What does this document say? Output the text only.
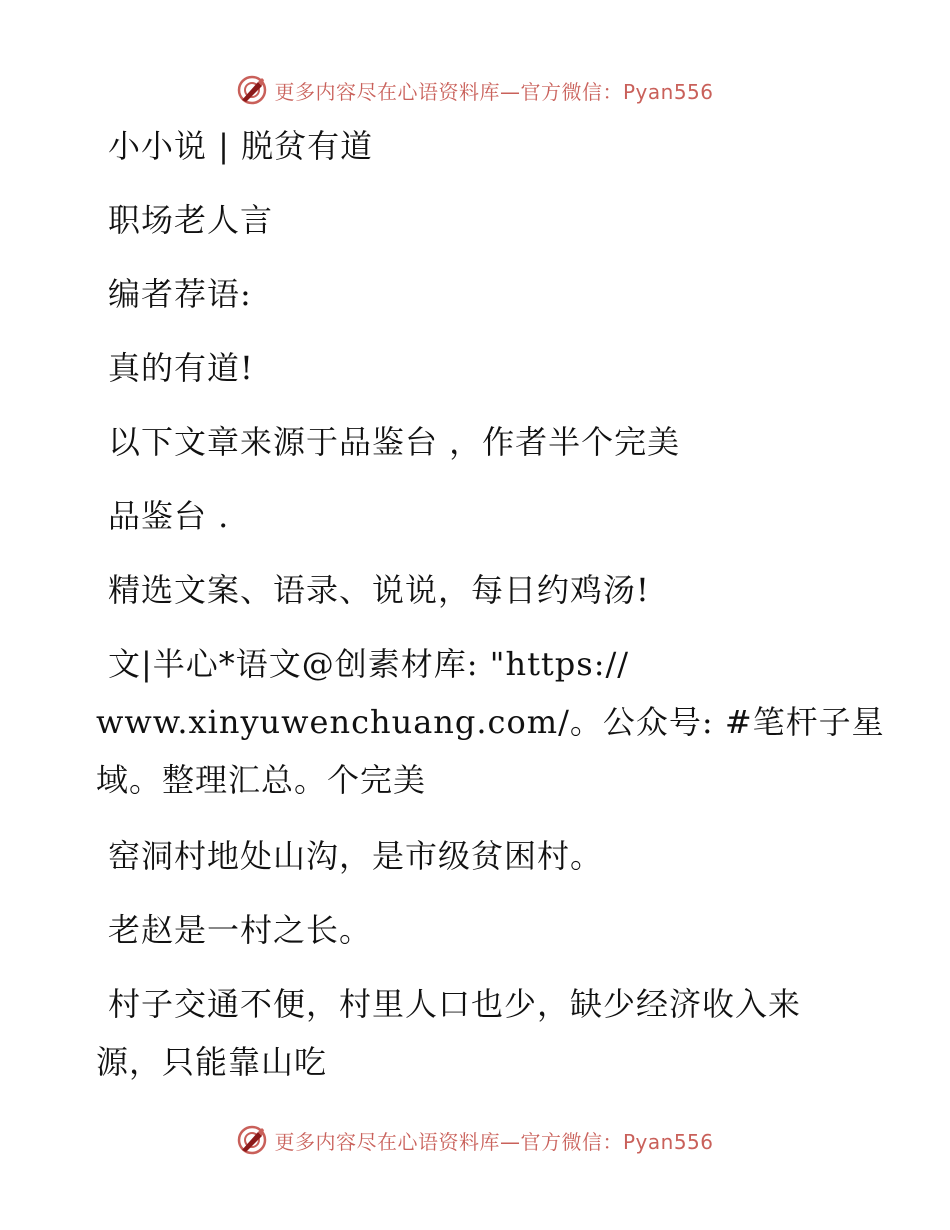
更多内容尽在心语资料库—官方微信：Pyan556
小小说 | 脱贫有道
职场老人言
编者荐语:
真的有道!
以下文章来源于品鉴台 ，作者半个完美
品鉴台 .
精选文案、语录、说说，每日约鸡汤!
文|半心*语文@创素材库: "https://
www.xinyuwenchuang.com/。公众号: #笔杆子星
域。整理汇总。个完美
窑洞村地处山沟，是市级贫困村。
老赵是一村之长。
村子交通不便，村里人口也少，缺少经济收入来
源，只能靠山吃
更多内容尽在心语资料库—官方微信：Pyan556
